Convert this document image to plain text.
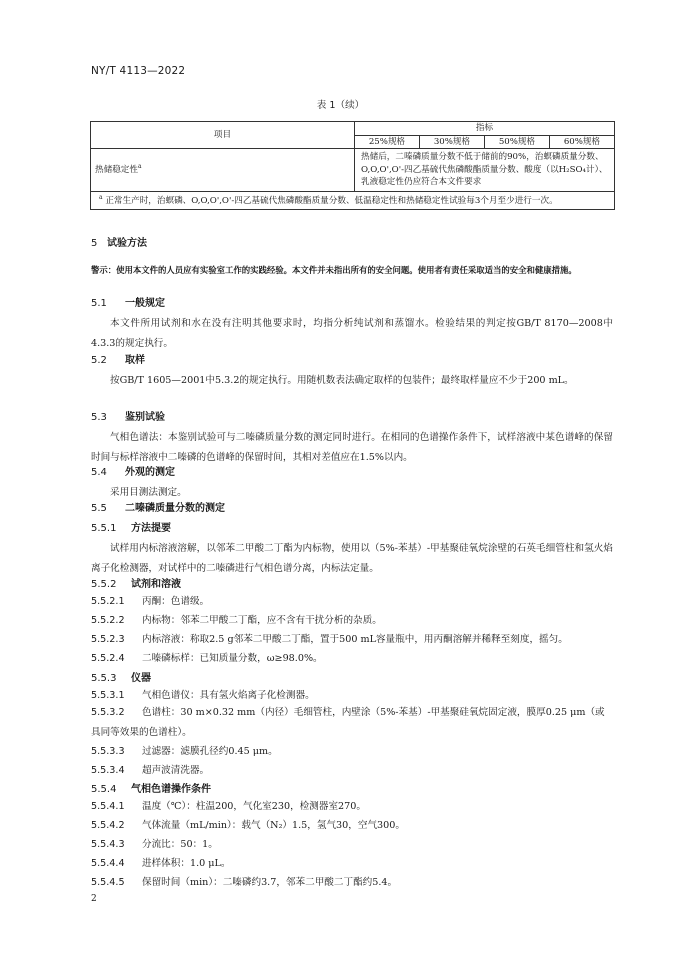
NY/T 4113—2022
表 1（续）
项目	指标			
	25%规格	30%规格	50%规格	60%规格
热储稳定性$^a$	热储后，二嗪磷质量分数不低于储前的90%，治螟磷质量分数、O,O,O',O'-四乙基硫代焦磷酸酯质量分数、酸度（以H₂SO₄计）、乳液稳定性仍应符合本文件要求			
$^a$ 正常生产时，治螟磷、O,O,O',O'-四乙基硫代焦磷酸酯质量分数、低温稳定性和热储稳定性试验每3个月至少进行一次。				
5 试验方法
警示：使用本文件的人员应有实验室工作的实践经验。本文件并未指出所有的安全问题。使用者有责任采取适当的安全和健康措施。
5.1 一般规定
本文件所用试剂和水在没有注明其他要求时，均指分析纯试剂和蒸馏水。检验结果的判定按GB/T 8170—2008中4.3.3的规定执行。
5.2 取样
按GB/T 1605—2001中5.3.2的规定执行。用随机数表法确定取样的包装件；最终取样量应不少于200 mL。
5.3 鉴别试验
气相色谱法：本鉴别试验可与二嗪磷质量分数的测定同时进行。在相同的色谱操作条件下，试样溶液中某色谱峰的保留时间与标样溶液中二嗪磷的色谱峰的保留时间，其相对差值应在1.5%以内。
5.4 外观的测定
采用目测法测定。
5.5 二嗪磷质量分数的测定
5.5.1 方法提要
试样用内标溶液溶解，以邻苯二甲酸二丁酯为内标物，使用以（5%-苯基）-甲基聚硅氧烷涂壁的石英毛细管柱和氢火焰离子化检测器，对试样中的二嗪磷进行气相色谱分离，内标法定量。
5.5.2 试剂和溶液
5.5.2.1 丙酮：色谱级。
5.5.2.2 内标物：邻苯二甲酸二丁酯，应不含有干扰分析的杂质。
5.5.2.3 内标溶液：称取2.5 g邻苯二甲酸二丁酯，置于500 mL容量瓶中，用丙酮溶解并稀释至刻度，摇匀。
5.5.2.4 二嗪磷标样：已知质量分数，ω≥98.0%。
5.5.3 仪器
5.5.3.1 气相色谱仪：具有氢火焰离子化检测器。
5.5.3.2 色谱柱：30 m×0.32 mm（内径）毛细管柱，内壁涂（5%-苯基）-甲基聚硅氧烷固定液，膜厚0.25 μm（或具同等效果的色谱柱）。
5.5.3.3 过滤器：滤膜孔径约0.45 μm。
5.5.3.4 超声波清洗器。
5.5.4 气相色谱操作条件
5.5.4.1 温度（℃）：柱温200，气化室230，检测器室270。
5.5.4.2 气体流量（mL/min）：载气（N₂）1.5，氢气30，空气300。
5.5.4.3 分流比：50：1。
5.5.4.4 进样体积：1.0 μL。
5.5.4.5 保留时间（min）：二嗪磷约3.7，邻苯二甲酸二丁酯约5.4。
2
